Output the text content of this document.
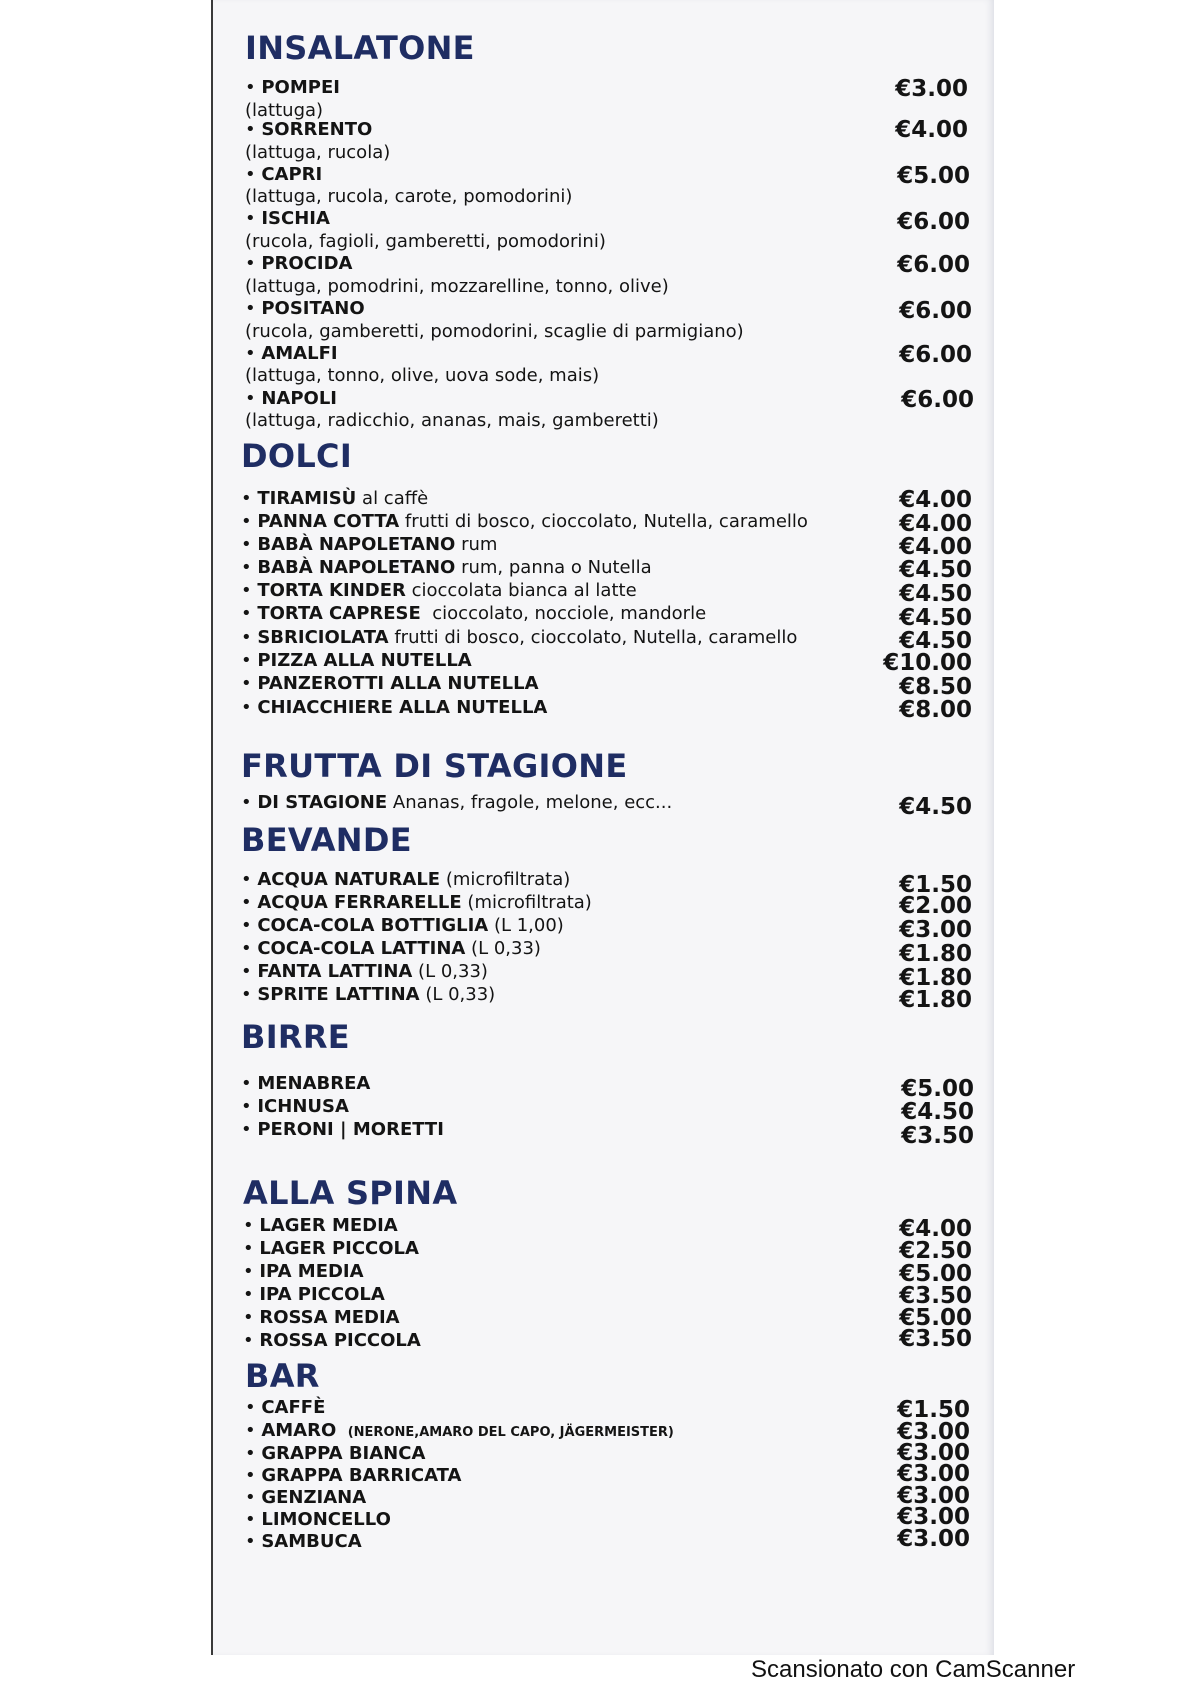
INSALATONE
• POMPEI
(lattuga)
€3.00
• SORRENTO
(lattuga, rucola)
€4.00
• CAPRI
(lattuga, rucola, carote, pomodorini)
€5.00
• ISCHIA
(rucola, fagioli, gamberetti, pomodorini)
€6.00
• PROCIDA
(lattuga, pomodrini, mozzarelline, tonno, olive)
€6.00
• POSITANO
(rucola, gamberetti, pomodorini, scaglie di parmigiano)
€6.00
• AMALFI
(lattuga, tonno, olive, uova sode, mais)
€6.00
• NAPOLI
(lattuga, radicchio, ananas, mais, gamberetti)
€6.00
DOLCI
• TIRAMISÙ al caffè	€4.00
• PANNA COTTA frutti di bosco, cioccolato, Nutella, caramello	€4.00
• BABÀ NAPOLETANO rum	€4.00
• BABÀ NAPOLETANO rum, panna o Nutella	€4.50
• TORTA KINDER cioccolata bianca al latte	€4.50
• TORTA CAPRESE cioccolato, nocciole, mandorle	€4.50
• SBRICIOLATA frutti di bosco, cioccolato, Nutella, caramello	€4.50
• PIZZA ALLA NUTELLA	€10.00
• PANZEROTTI ALLA NUTELLA	€8.50
• CHIACCHIERE ALLA NUTELLA	€8.00
FRUTTA DI STAGIONE
• DI STAGIONE Ananas, fragole, melone, ecc...	€4.50
BEVANDE
• ACQUA NATURALE (microfiltrata)	€1.50
• ACQUA FERRARELLE (microfiltrata)	€2.00
• COCA-COLA BOTTIGLIA (L 1,00)	€3.00
• COCA-COLA LATTINA (L 0,33)	€1.80
• FANTA LATTINA (L 0,33)	€1.80
• SPRITE LATTINA (L 0,33)	€1.80
BIRRE
• MENABREA	€5.00
• ICHNUSA	€4.50
• PERONI | MORETTI	€3.50
ALLA SPINA
• LAGER MEDIA	€4.00
• LAGER PICCOLA	€2.50
• IPA MEDIA	€5.00
• IPA PICCOLA	€3.50
• ROSSA MEDIA	€5.00
• ROSSA PICCOLA	€3.50
BAR
• CAFFÈ	€1.50
• AMARO (NERONE,AMARO DEL CAPO, JÄGERMEISTER)	€3.00
• GRAPPA BIANCA	€3.00
• GRAPPA BARRICATA	€3.00
• GENZIANA	€3.00
• LIMONCELLO	€3.00
• SAMBUCA	€3.00
Scansionato con CamScanner
